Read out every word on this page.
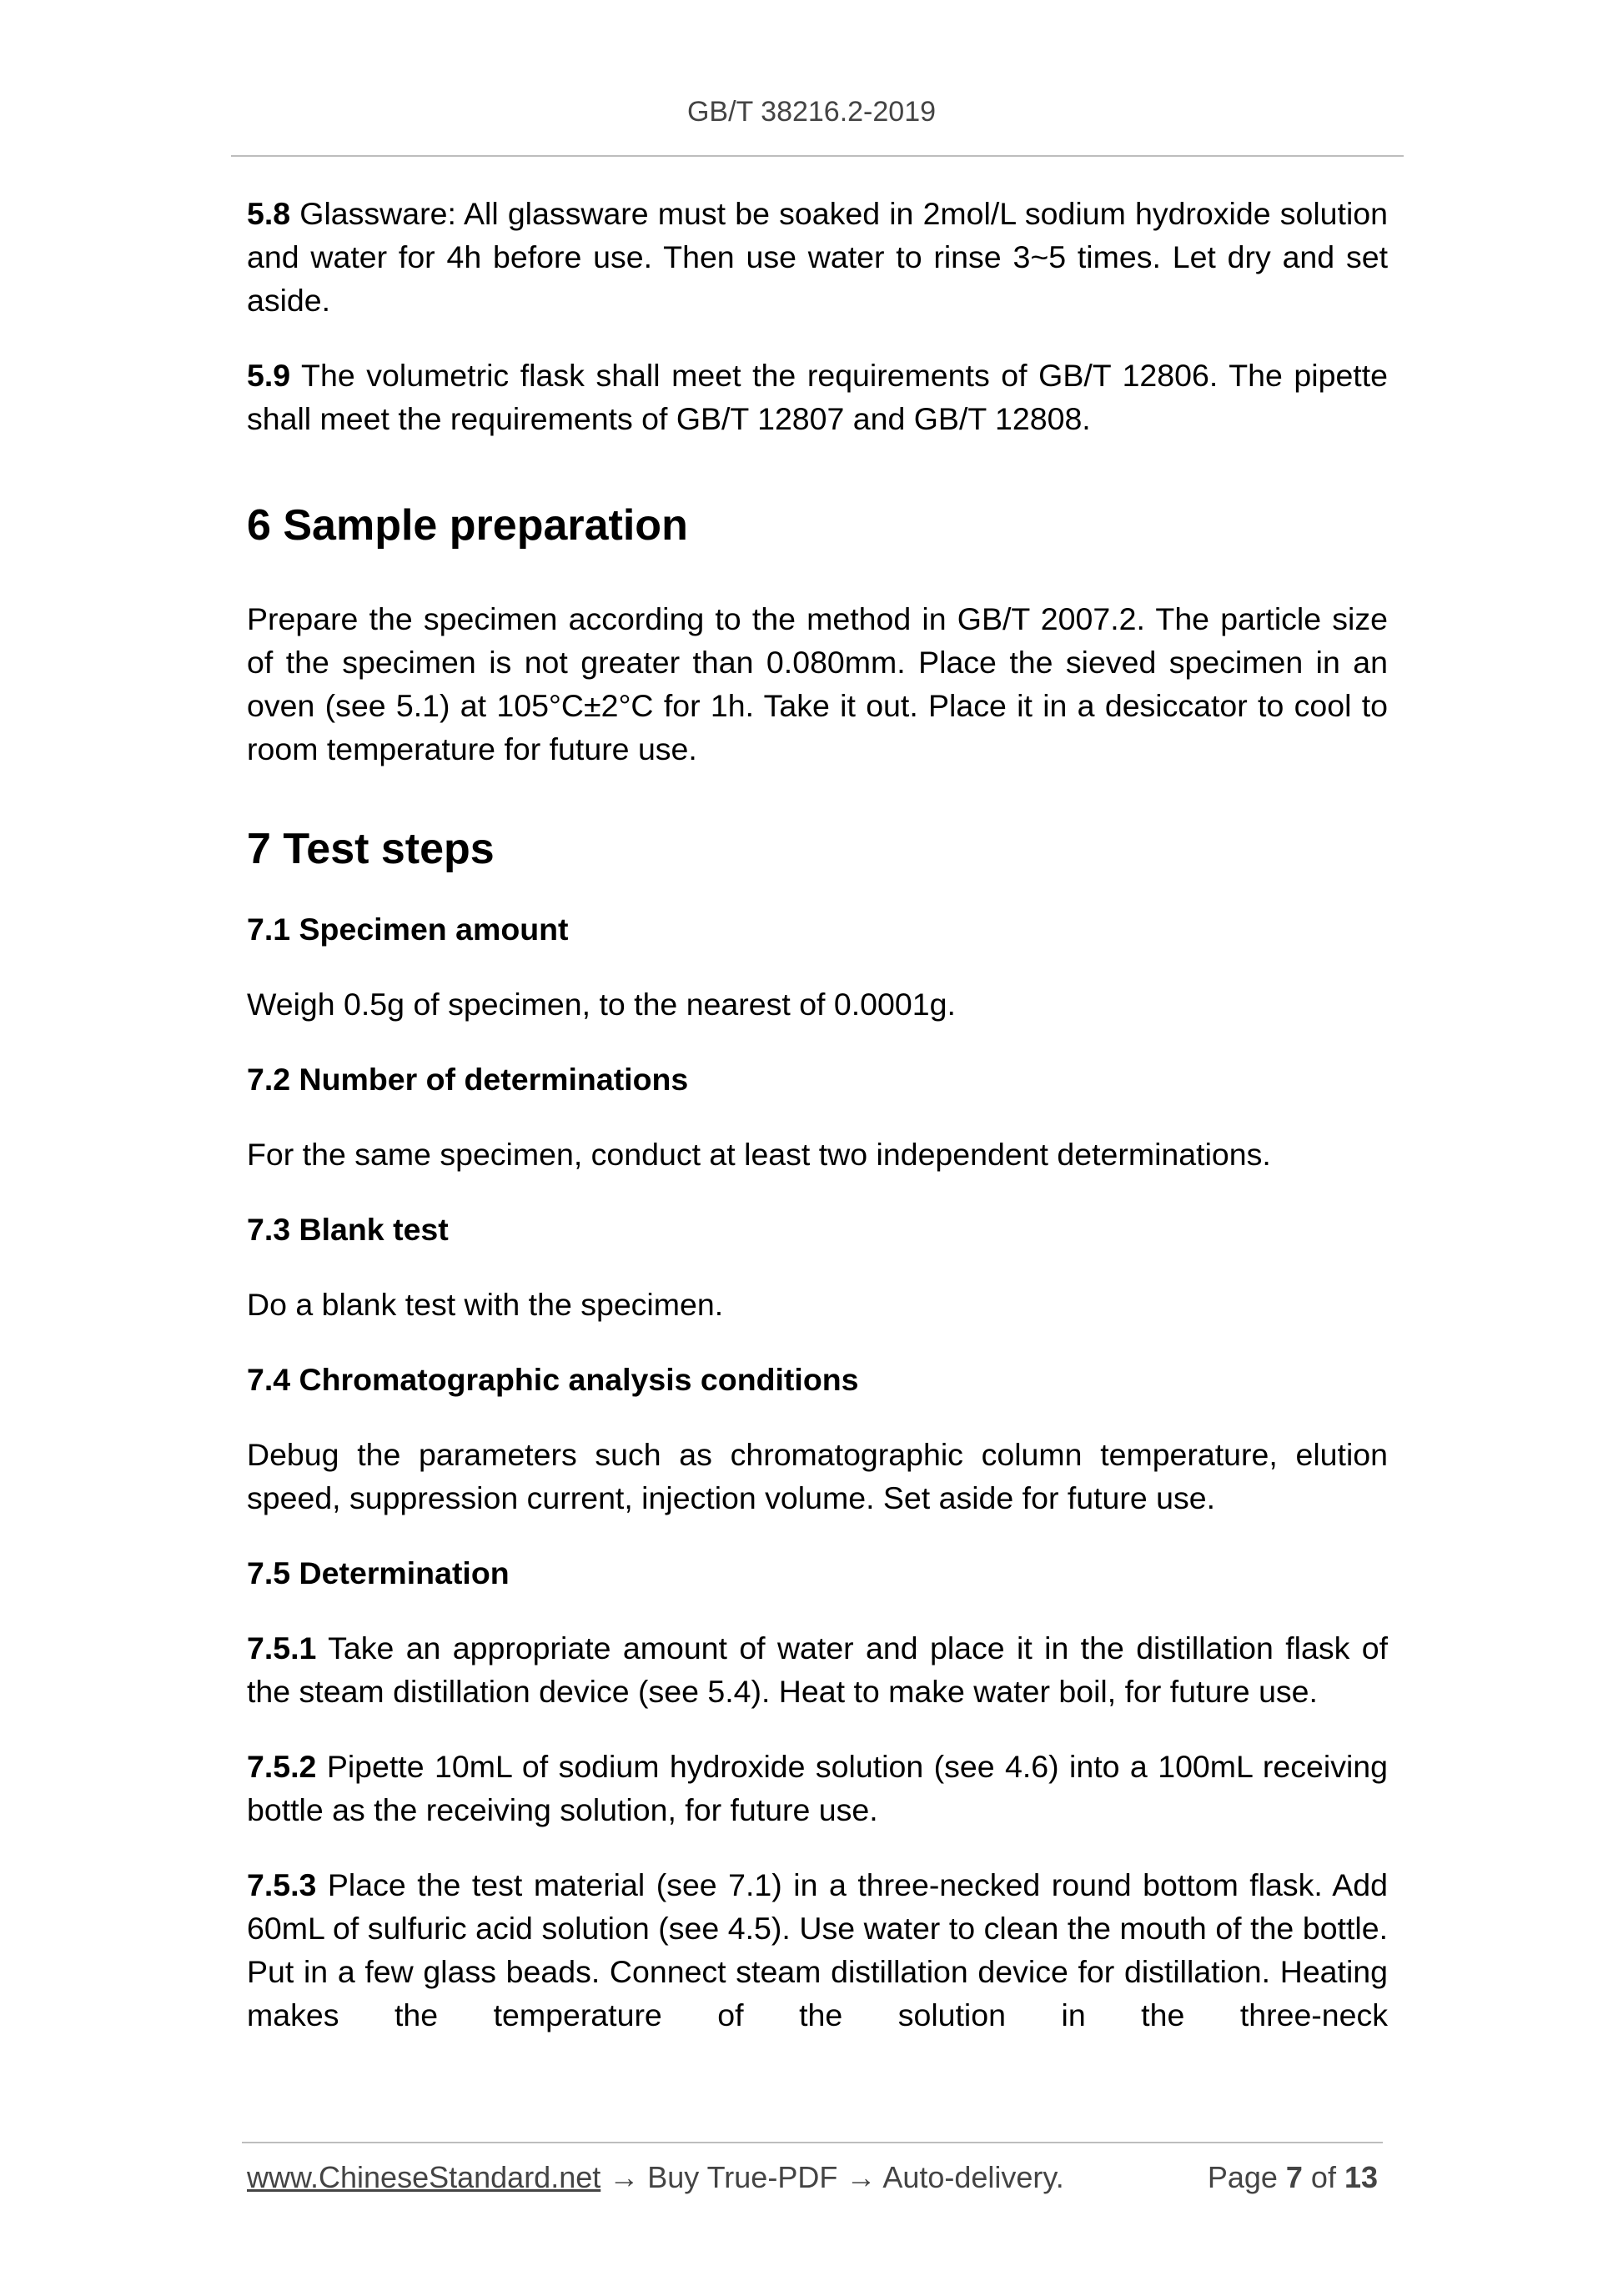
GB/T 38216.2-2019

5.8 Glassware: All glassware must be soaked in 2mol/L sodium hydroxide solution and water for 4h before use. Then use water to rinse 3~5 times. Let dry and set aside.

5.9 The volumetric flask shall meet the requirements of GB/T 12806. The pipette shall meet the requirements of GB/T 12807 and GB/T 12808.

6 Sample preparation

Prepare the specimen according to the method in GB/T 2007.2. The particle size of the specimen is not greater than 0.080mm. Place the sieved specimen in an oven (see 5.1) at 105°C±2°C for 1h. Take it out. Place it in a desiccator to cool to room temperature for future use.

7 Test steps
7.1 Specimen amount

Weigh 0.5g of specimen, to the nearest of 0.0001g.

7.2 Number of determinations

For the same specimen, conduct at least two independent determinations.

7.3 Blank test

Do a blank test with the specimen.

7.4 Chromatographic analysis conditions

Debug the parameters such as chromatographic column temperature, elution speed, suppression current, injection volume. Set aside for future use.

7.5 Determination

7.5.1 Take an appropriate amount of water and place it in the distillation flask of the steam distillation device (see 5.4). Heat to make water boil, for future use.

7.5.2 Pipette 10mL of sodium hydroxide solution (see 4.6) into a 100mL receiving bottle as the receiving solution, for future use.

7.5.3 Place the test material (see 7.1) in a three-necked round bottom flask. Add 60mL of sulfuric acid solution (see 4.5). Use water to clean the mouth of the bottle. Put in a few glass beads. Connect steam distillation device for distillation. Heating makes the temperature of the solution in the three-neck

www.ChineseStandard.net → Buy True-PDF → Auto-delivery.	Page 7 of 13
